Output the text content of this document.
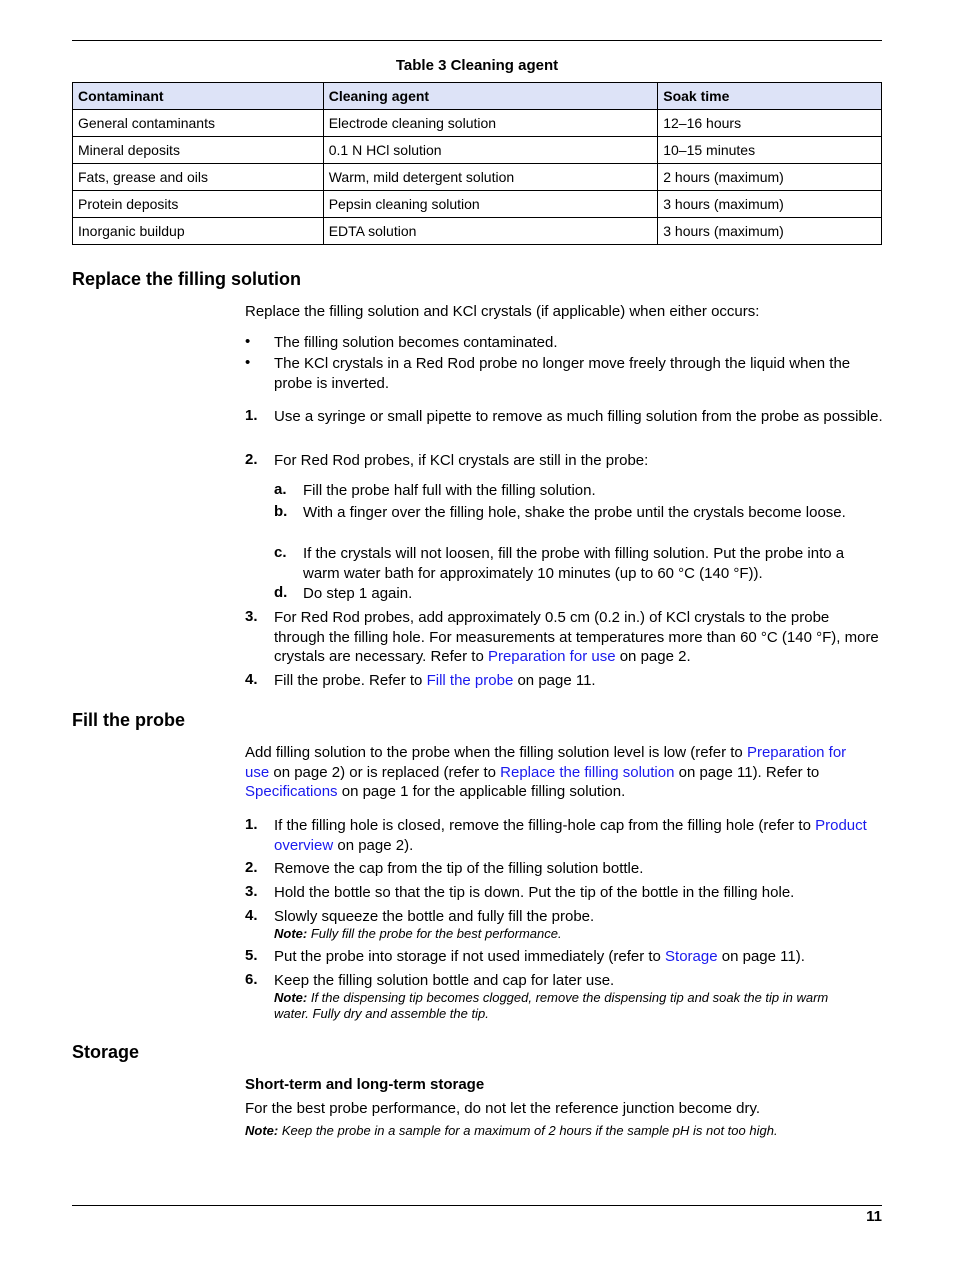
Table 3 Cleaning agent
Contaminant	Cleaning agent	Soak time
General contaminants	Electrode cleaning solution	12–16 hours
Mineral deposits	0.1 N HCl solution	10–15 minutes
Fats, grease and oils	Warm, mild detergent solution	2 hours (maximum)
Protein deposits	Pepsin cleaning solution	3 hours (maximum)
Inorganic buildup	EDTA solution	3 hours (maximum)
Replace the filling solution
Replace the filling solution and KCl crystals (if applicable) when either occurs:
• The filling solution becomes contaminated.
• The KCl crystals in a Red Rod probe no longer move freely through the liquid when the probe is inverted.
1. Use a syringe or small pipette to remove as much filling solution from the probe as possible.
2. For Red Rod probes, if KCl crystals are still in the probe:
a. Fill the probe half full with the filling solution.
b. With a finger over the filling hole, shake the probe until the crystals become loose.
c. If the crystals will not loosen, fill the probe with filling solution. Put the probe into a warm water bath for approximately 10 minutes (up to 60 °C (140 °F)).
d. Do step 1 again.
3. For Red Rod probes, add approximately 0.5 cm (0.2 in.) of KCl crystals to the probe through the filling hole. For measurements at temperatures more than 60 °C (140 °F), more crystals are necessary. Refer to Preparation for use on page 2.
4. Fill the probe. Refer to Fill the probe on page 11.
Fill the probe
Add filling solution to the probe when the filling solution level is low (refer to Preparation for use on page 2) or is replaced (refer to Replace the filling solution on page 11). Refer to Specifications on page 1 for the applicable filling solution.
1. If the filling hole is closed, remove the filling-hole cap from the filling hole (refer to Product overview on page 2).
2. Remove the cap from the tip of the filling solution bottle.
3. Hold the bottle so that the tip is down. Put the tip of the bottle in the filling hole.
4. Slowly squeeze the bottle and fully fill the probe.
Note: Fully fill the probe for the best performance.
5. Put the probe into storage if not used immediately (refer to Storage on page 11).
6. Keep the filling solution bottle and cap for later use.
Note: If the dispensing tip becomes clogged, remove the dispensing tip and soak the tip in warm water. Fully dry and assemble the tip.
Storage
Short-term and long-term storage
For the best probe performance, do not let the reference junction become dry.
Note: Keep the probe in a sample for a maximum of 2 hours if the sample pH is not too high.
11
